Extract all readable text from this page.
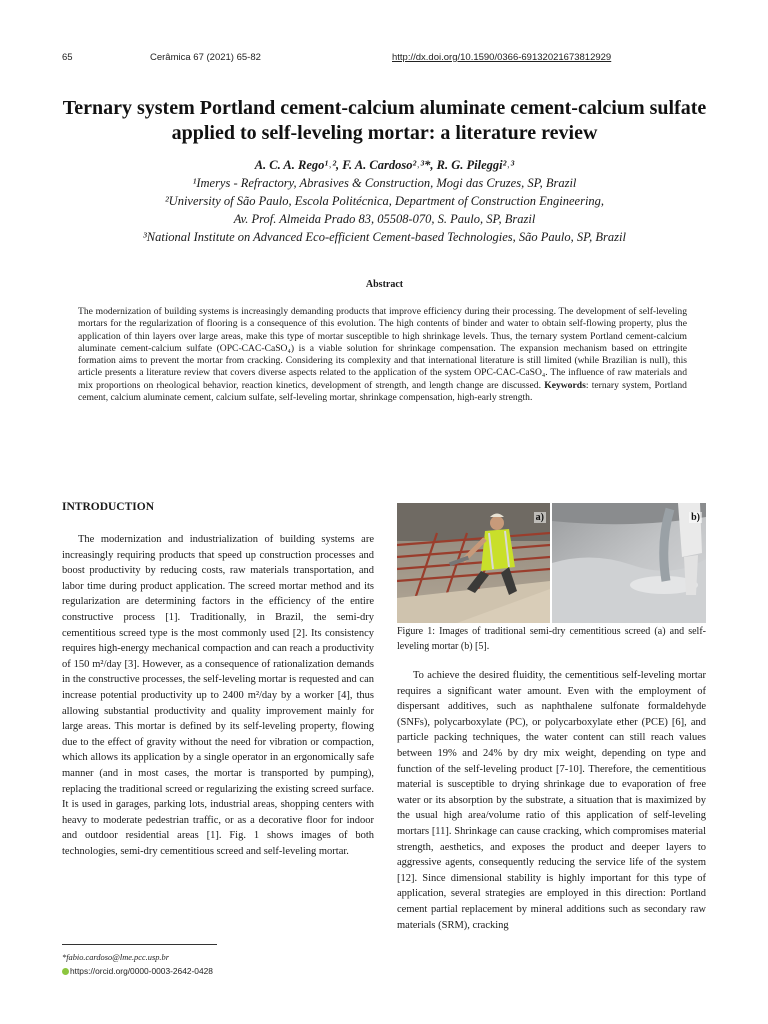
65	Cerâmica 67 (2021) 65-82	http://dx.doi.org/10.1590/0366-69132021673812929
Ternary system Portland cement-calcium aluminate cement-calcium sulfate applied to self-leveling mortar: a literature review
A. C. A. Rego¹˒², F. A. Cardoso²˒³*, R. G. Pileggi²˒³
¹Imerys - Refractory, Abrasives & Construction, Mogi das Cruzes, SP, Brazil
²University of São Paulo, Escola Politécnica, Department of Construction Engineering,
Av. Prof. Almeida Prado 83, 05508-070, S. Paulo, SP, Brazil
³National Institute on Advanced Eco-efficient Cement-based Technologies, São Paulo, SP, Brazil
Abstract

The modernization of building systems is increasingly demanding products that improve efficiency during their processing. The development of self-leveling mortars for the regularization of flooring is a consequence of this evolution. The high contents of binder and water to obtain self-flowing property, plus the application of thin layers over large areas, make this type of mortar susceptible to high shrinkage levels. Thus, the ternary system Portland cement-calcium aluminate cement-calcium sulfate (OPC-CAC-CaSO₄) is a viable solution for shrinkage compensation. The expansion mechanism based on ettringite formation aims to prevent the mortar from cracking. Considering its complexity and that international literature is still limited (while Brazilian is null), this article presents a literature review that covers diverse aspects related to the application of the system OPC-CAC-CaSO₄. The influence of raw materials and mix proportions on rheological behavior, reaction kinetics, development of strength, and length change are discussed. Keywords: ternary system, Portland cement, calcium aluminate cement, calcium sulfate, self-leveling mortar, shrinkage compensation, high-early strength.

INTRODUCTION

The modernization and industrialization of building systems are increasingly requiring products that speed up construction processes and boost productivity by reducing costs, raw materials transportation, and labor time during product application. The screed mortar method and its regularization are determining factors in the efficiency of the entire constructive process [1]. Traditionally, in Brazil, the semi-dry cementitious screed type is the most commonly used [2]. Its consistency requires high-energy mechanical compaction and can reach a productivity of 150 m²/day [3]. However, as a consequence of rationalization demands in the constructive processes, the self-leveling mortar is requested and can increase potential productivity up to 2400 m²/day by a worker [4], thus allowing substantial productivity and quality improvement mainly for large areas. This mortar is defined by its self-leveling property, flowing due to the effect of gravity without the need for vibration or compaction, which allows its application by a single operator in an ergonomically safe manner (and in most cases, the mortar is transported by pumping), replacing the traditional screed or regularizing the existing screed surface. It is used in garages, parking lots, industrial areas, shopping centers with heavy to moderate pedestrian traffic, or as a decorative floor for indoor and outdoor residential areas [1]. Fig. 1 shows images of both technologies, semi-dry cementitious screed and self-leveling mortar.

a)	b)

Figure 1: Images of traditional semi-dry cementitious screed (a) and self-leveling mortar (b) [5].

To achieve the desired fluidity, the cementitious self-leveling mortar requires a significant water amount. Even with the employment of dispersant additives, such as naphthalene sulfonate formaldehyde (SNFs), polycarboxylate (PC), or polycarboxylate ether (PCE) [6], and particle packing techniques, the water content can still reach values between 19% and 24% by dry mix weight, depending on type and function of the self-leveling product [7-10]. Therefore, the cementitious material is susceptible to drying shrinkage due to evaporation of free water or its absorption by the substrate, a situation that is maximized by the usual high area/volume ratio of this application of self-leveling mortars [11]. Shrinkage can cause cracking, which compromises material strength, aesthetics, and exposes the product and deeper layers to aggressive agents, consequently reducing the service life of the system [12]. Since dimensional stability is highly important for this type of application, several strategies are employed in this direction: Portland cement partial replacement by mineral additions such as secondary raw materials (SRM), cracking

*fabio.cardoso@lme.pcc.usp.br
https://orcid.org/0000-0003-2642-0428
